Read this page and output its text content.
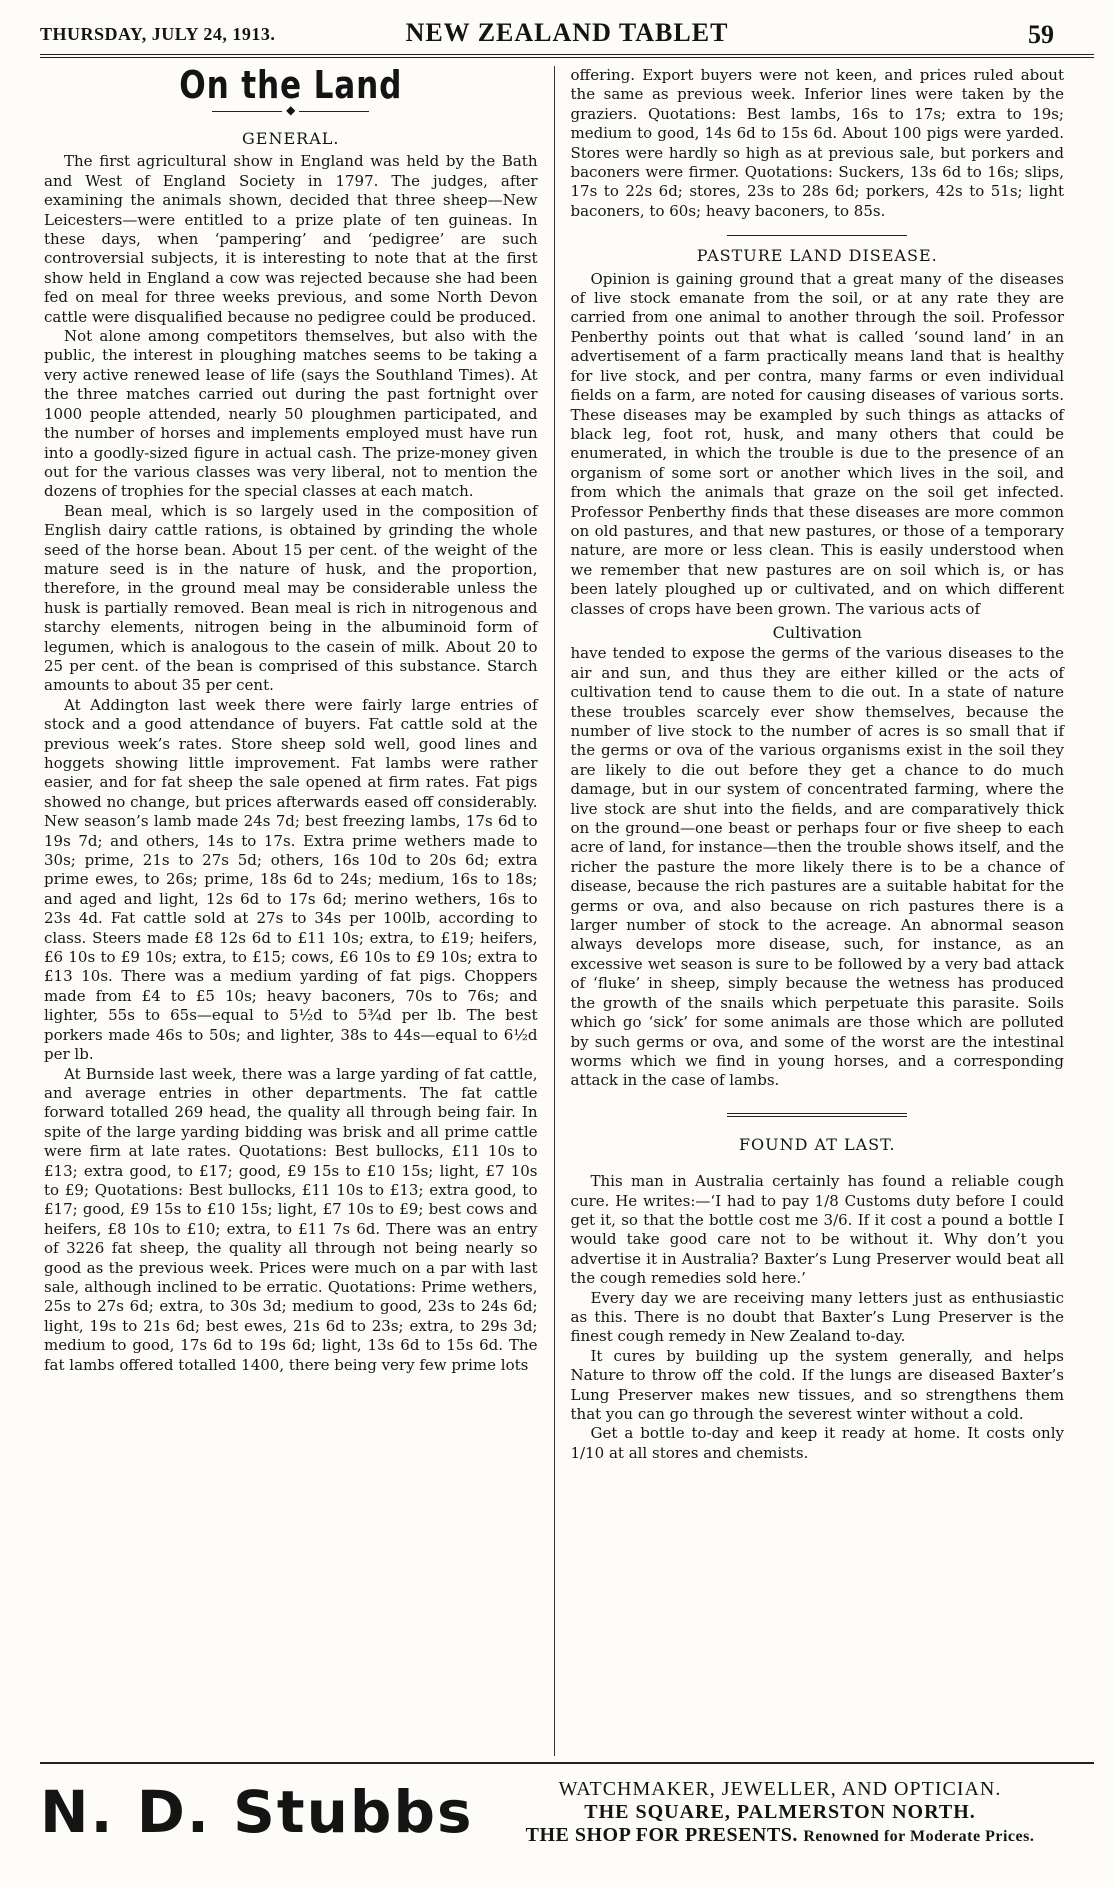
THURSDAY, JULY 24, 1913.	NEW ZEALAND TABLET	59
On the Land
◆
GENERAL.

The first agricultural show in England was held by the Bath and West of England Society in 1797. The judges, after examining the animals shown, decided that three sheep—New Leicesters—were entitled to a prize plate of ten guineas. In these days, when ‘pampering’ and ‘pedigree’ are such controversial subjects, it is interesting to note that at the first show held in England a cow was rejected because she had been fed on meal for three weeks previous, and some North Devon cattle were disqualified because no pedigree could be produced.

Not alone among competitors themselves, but also with the public, the interest in ploughing matches seems to be taking a very active renewed lease of life (says the Southland Times). At the three matches carried out during the past fortnight over 1000 people attended, nearly 50 ploughmen participated, and the number of horses and implements employed must have run into a goodly-sized figure in actual cash. The prize-money given out for the various classes was very liberal, not to mention the dozens of trophies for the special classes at each match.

Bean meal, which is so largely used in the composition of English dairy cattle rations, is obtained by grinding the whole seed of the horse bean. About 15 per cent. of the weight of the mature seed is in the nature of husk, and the proportion, therefore, in the ground meal may be considerable unless the husk is partially removed. Bean meal is rich in nitrogenous and starchy elements, nitrogen being in the albuminoid form of legumen, which is analogous to the casein of milk. About 20 to 25 per cent. of the bean is comprised of this substance. Starch amounts to about 35 per cent.

At Addington last week there were fairly large entries of stock and a good attendance of buyers. Fat cattle sold at the previous week’s rates. Store sheep sold well, good lines and hoggets showing little improvement. Fat lambs were rather easier, and for fat sheep the sale opened at firm rates. Fat pigs showed no change, but prices afterwards eased off considerably. New season’s lamb made 24s 7d; best freezing lambs, 17s 6d to 19s 7d; and others, 14s to 17s. Extra prime wethers made to 30s; prime, 21s to 27s 5d; others, 16s 10d to 20s 6d; extra prime ewes, to 26s; prime, 18s 6d to 24s; medium, 16s to 18s; and aged and light, 12s 6d to 17s 6d; merino wethers, 16s to 23s 4d. Fat cattle sold at 27s to 34s per 100lb, according to class. Steers made £8 12s 6d to £11 10s; extra, to £19; heifers, £6 10s to £9 10s; extra, to £15; cows, £6 10s to £9 10s; extra to £13 10s. There was a medium yarding of fat pigs. Choppers made from £4 to £5 10s; heavy baconers, 70s to 76s; and lighter, 55s to 65s—equal to 5½d to 5¾d per lb. The best porkers made 46s to 50s; and lighter, 38s to 44s—equal to 6½d per lb.

At Burnside last week, there was a large yarding of fat cattle, and average entries in other departments. The fat cattle forward totalled 269 head, the quality all through being fair. In spite of the large yarding bidding was brisk and all prime cattle were firm at late rates. Quotations: Best bullocks, £11 10s to £13; extra good, to £17; good, £9 15s to £10 15s; light, £7 10s to £9; Quotations: Best bullocks, £11 10s to £13; extra good, to £17; good, £9 15s to £10 15s; light, £7 10s to £9; best cows and heifers, £8 10s to £10; extra, to £11 7s 6d. There was an entry of 3226 fat sheep, the quality all through not being nearly so good as the previous week. Prices were much on a par with last sale, although inclined to be erratic. Quotations: Prime wethers, 25s to 27s 6d; extra, to 30s 3d; medium to good, 23s to 24s 6d; light, 19s to 21s 6d; best ewes, 21s 6d to 23s; extra, to 29s 3d; medium to good, 17s 6d to 19s 6d; light, 13s 6d to 15s 6d. The fat lambs offered totalled 1400, there being very few prime lots

offering. Export buyers were not keen, and prices ruled about the same as previous week. Inferior lines were taken by the graziers. Quotations: Best lambs, 16s to 17s; extra to 19s; medium to good, 14s 6d to 15s 6d. About 100 pigs were yarded. Stores were hardly so high as at previous sale, but porkers and baconers were firmer. Quotations: Suckers, 13s 6d to 16s; slips, 17s to 22s 6d; stores, 23s to 28s 6d; porkers, 42s to 51s; light baconers, to 60s; heavy baconers, to 85s.

PASTURE LAND DISEASE.

Opinion is gaining ground that a great many of the diseases of live stock emanate from the soil, or at any rate they are carried from one animal to another through the soil. Professor Penberthy points out that what is called ‘sound land’ in an advertisement of a farm practically means land that is healthy for live stock, and per contra, many farms or even individual fields on a farm, are noted for causing diseases of various sorts. These diseases may be exampled by such things as attacks of black leg, foot rot, husk, and many others that could be enumerated, in which the trouble is due to the presence of an organism of some sort or another which lives in the soil, and from which the animals that graze on the soil get infected. Professor Penberthy finds that these diseases are more common on old pastures, and that new pastures, or those of a temporary nature, are more or less clean. This is easily understood when we remember that new pastures are on soil which is, or has been lately ploughed up or cultivated, and on which different classes of crops have been grown. The various acts of

Cultivation

have tended to expose the germs of the various diseases to the air and sun, and thus they are either killed or the acts of cultivation tend to cause them to die out. In a state of nature these troubles scarcely ever show themselves, because the number of live stock to the number of acres is so small that if the germs or ova of the various organisms exist in the soil they are likely to die out before they get a chance to do much damage, but in our system of concentrated farming, where the live stock are shut into the fields, and are comparatively thick on the ground—one beast or perhaps four or five sheep to each acre of land, for instance—then the trouble shows itself, and the richer the pasture the more likely there is to be a chance of disease, because the rich pastures are a suitable habitat for the germs or ova, and also because on rich pastures there is a larger number of stock to the acreage. An abnormal season always develops more disease, such, for instance, as an excessive wet season is sure to be followed by a very bad attack of ‘fluke’ in sheep, simply because the wetness has produced the growth of the snails which perpetuate this parasite. Soils which go ‘sick’ for some animals are those which are polluted by such germs or ova, and some of the worst are the intestinal worms which we find in young horses, and a corresponding attack in the case of lambs.

FOUND AT LAST.

This man in Australia certainly has found a reliable cough cure. He writes:—‘I had to pay 1/8 Customs duty before I could get it, so that the bottle cost me 3/6. If it cost a pound a bottle I would take good care not to be without it. Why don’t you advertise it in Australia? Baxter’s Lung Preserver would beat all the cough remedies sold here.’

Every day we are receiving many letters just as enthusiastic as this. There is no doubt that Baxter’s Lung Preserver is the finest cough remedy in New Zealand to-day.

It cures by building up the system generally, and helps Nature to throw off the cold. If the lungs are diseased Baxter’s Lung Preserver makes new tissues, and so strengthens them that you can go through the severest winter without a cold.

Get a bottle to-day and keep it ready at home. It costs only 1/10 at all stores and chemists.

N. D. Stubbs	WATCHMAKER, JEWELLER, AND OPTICIAN.
THE SQUARE, PALMERSTON NORTH.
THE SHOP FOR PRESENTS. Renowned for Moderate Prices.
